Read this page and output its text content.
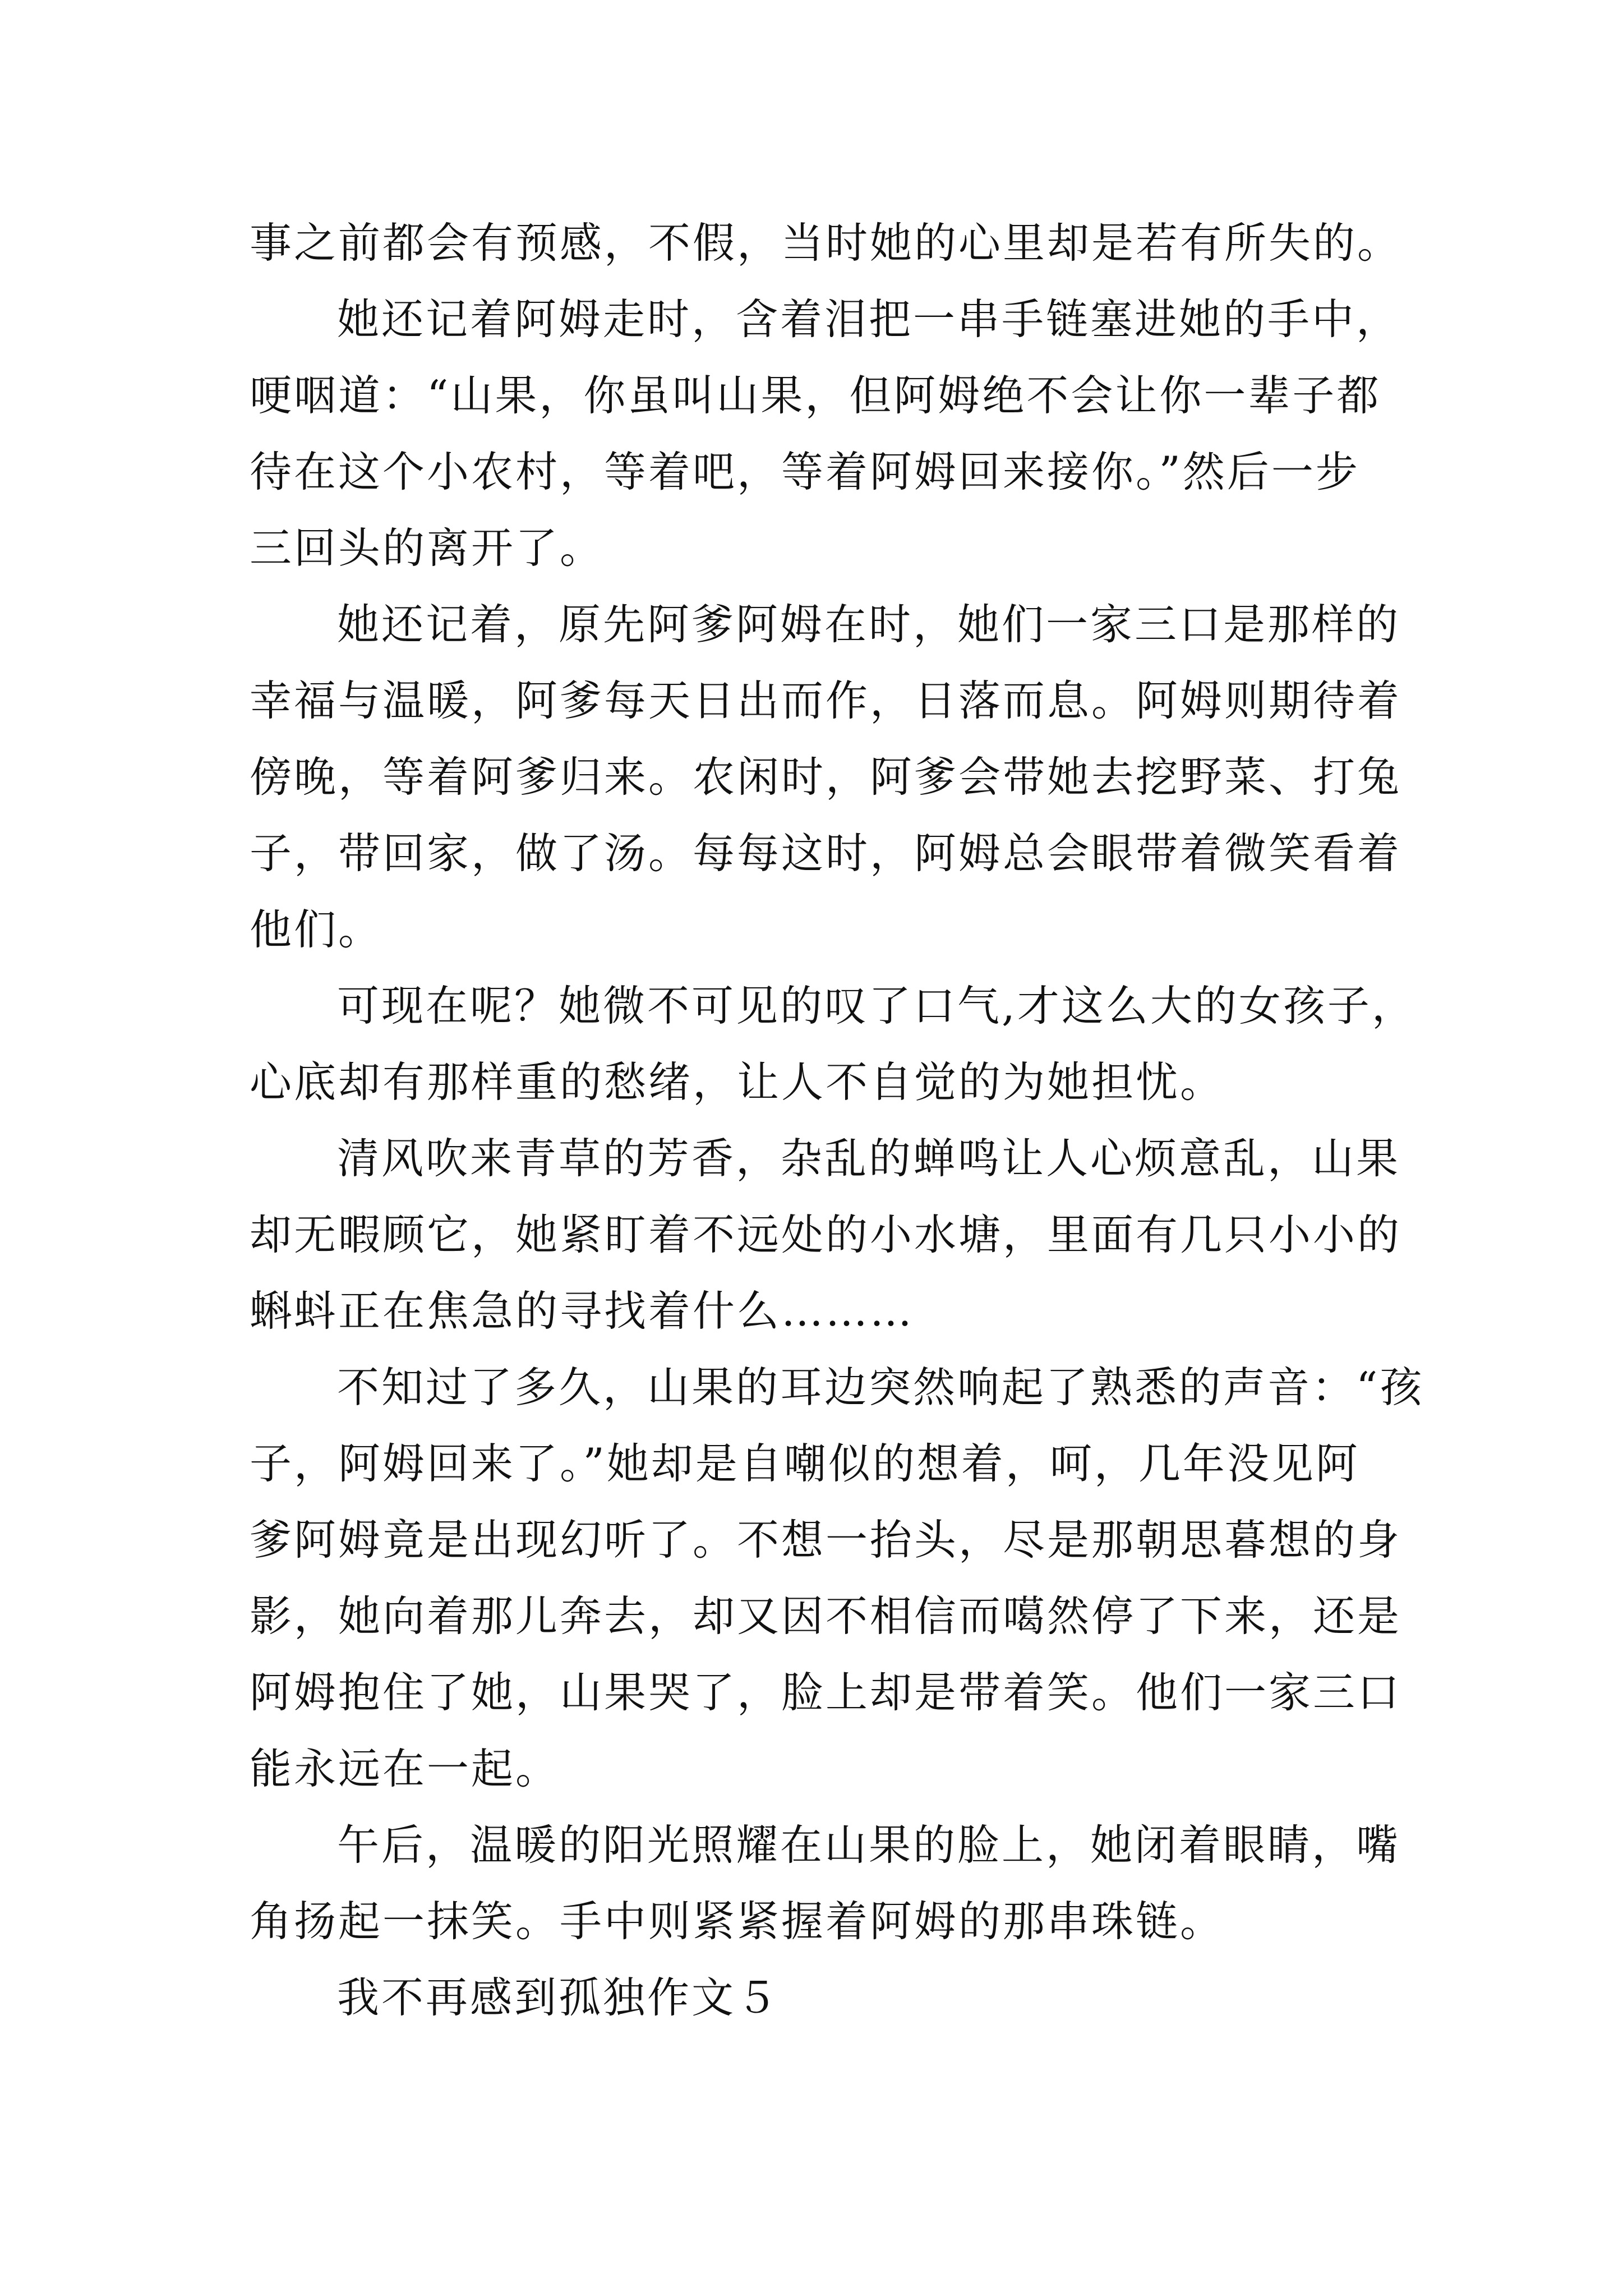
事之前都会有预感，不假，当时她的心里却是若有所失的。
她还记着阿姆走时，含着泪把一串手链塞进她的手中，
哽咽道：“山果，你虽叫山果，但阿姆绝不会让你一辈子都
待在这个小农村，等着吧，等着阿姆回来接你。”然后一步
三回头的离开了。
她还记着，原先阿爹阿姆在时，她们一家三口是那样的
幸福与温暖，阿爹每天日出而作，日落而息。阿姆则期待着
傍晚，等着阿爹归来。农闲时，阿爹会带她去挖野菜、打兔
子，带回家，做了汤。每每这时，阿姆总会眼带着微笑看着
他们。
可现在呢？她微不可见的叹了口气,才这么大的女孩子，
心底却有那样重的愁绪，让人不自觉的为她担忧。
清风吹来青草的芳香，杂乱的蝉鸣让人心烦意乱，山果
却无暇顾它，她紧盯着不远处的小水塘，里面有几只小小的
蝌蚪正在焦急的寻找着什么………
不知过了多久，山果的耳边突然响起了熟悉的声音：“孩
子，阿姆回来了。”她却是自嘲似的想着，呵，几年没见阿
爹阿姆竟是出现幻听了。不想一抬头，尽是那朝思暮想的身
影，她向着那儿奔去，却又因不相信而噶然停了下来，还是
阿姆抱住了她，山果哭了，脸上却是带着笑。他们一家三口
能永远在一起。
午后，温暖的阳光照耀在山果的脸上，她闭着眼睛，嘴
角扬起一抹笑。手中则紧紧握着阿姆的那串珠链。
我不再感到孤独作文５
